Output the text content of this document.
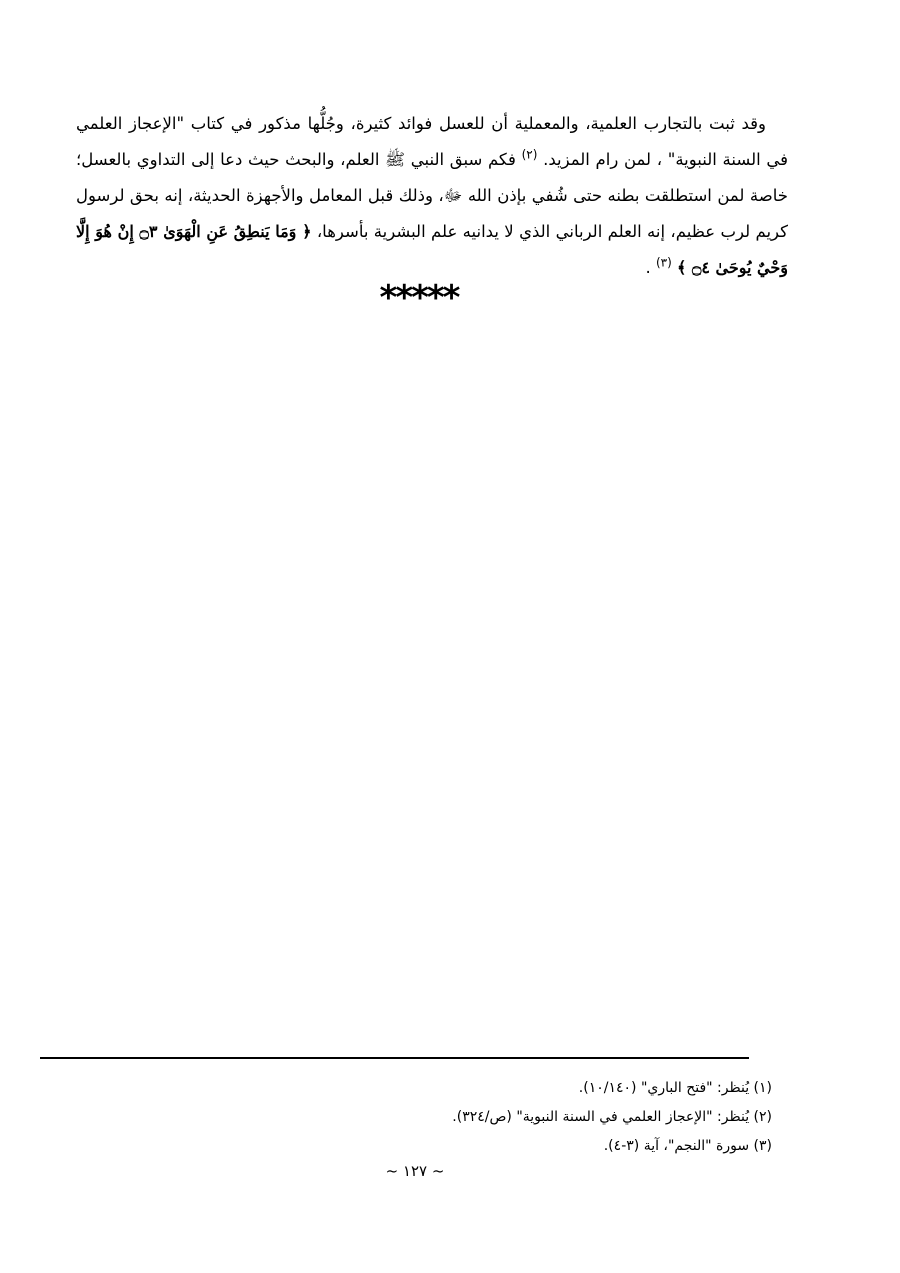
وقد ثبت بالتجارب العلمية، والمعملية أن للعسل فوائد كثيرة، وجُلُّها مذكور في كتاب "الإعجاز العلمي في السنة النبوية" ، لمن رام المزيد. $^{(٢)}$ فكم سبق النبي ﷺ العلم، والبحث حيث دعا إلى التداوي بالعسل؛ خاصة لمن استطلقت بطنه حتى شُفي بإذن الله ﷻ، وذلك قبل المعامل والأجهزة الحديثة، إنه بحق لرسول كريم لرب عظيم، إنه العلم الرباني الذي لا يدانيه علم البشرية بأسرها، ﴿ وَمَا يَنطِقُ عَنِ الْهَوَىٰ ۝٣ إِنْ هُوَ إِلَّا وَحْيٌ يُوحَىٰ ۝٤ ﴾ $^{(٣)}$ .

*****
(١) يُنظر: "فتح الباري" (١٠/١٤٠).
(٢) يُنظر: "الإعجاز العلمي في السنة النبوية" (ص/٣٢٤).
(٣) سورة "النجم"، آية (٣-٤).
~ ١٢٧ ~
